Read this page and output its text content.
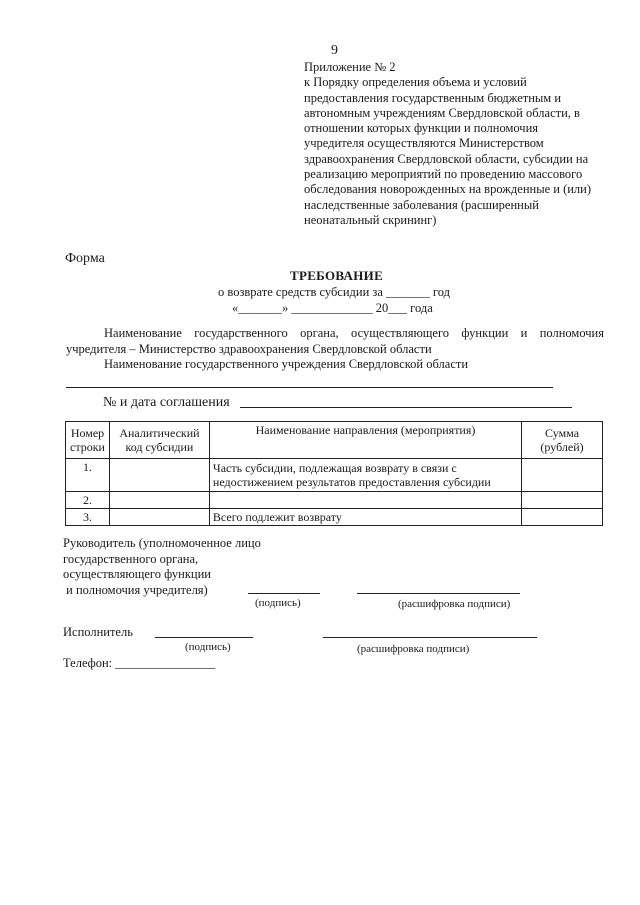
9
Приложение № 2
к Порядку определения объема и условий
предоставления государственным бюджетным и
автономным учреждениям Свердловской области, в
отношении которых функции и полномочия
учредителя осуществляются Министерством
здравоохранения Свердловской области, субсидии на
реализацию мероприятий по проведению массового
обследования новорожденных на врожденные и (или)
наследственные заболевания (расширенный
неонатальный скрининг)
Форма
ТРЕБОВАНИЕ
о возврате средств субсидии за _______ год
«_______» _____________ 20___ года
Наименование государственного органа, осуществляющего функции и полномочия
учредителя – Министерство здравоохранения Свердловской области
Наименование государственного учреждения Свердловской области
№ и дата соглашения
Номер строки	Аналитический код субсидии	Наименование направления (мероприятия)	Сумма (рублей)
1.		Часть субсидии, подлежащая возврату в связи с недостижением результатов предоставления субсидии	
2.			
3.		Всего подлежит возврату	
Руководитель (уполномоченное лицо
государственного органа,
осуществляющего функции
и полномочия учредителя)
(подпись)	(расшифровка подписи)
Исполнитель
(подпись)	(расшифровка подписи)
Телефон: ________________
